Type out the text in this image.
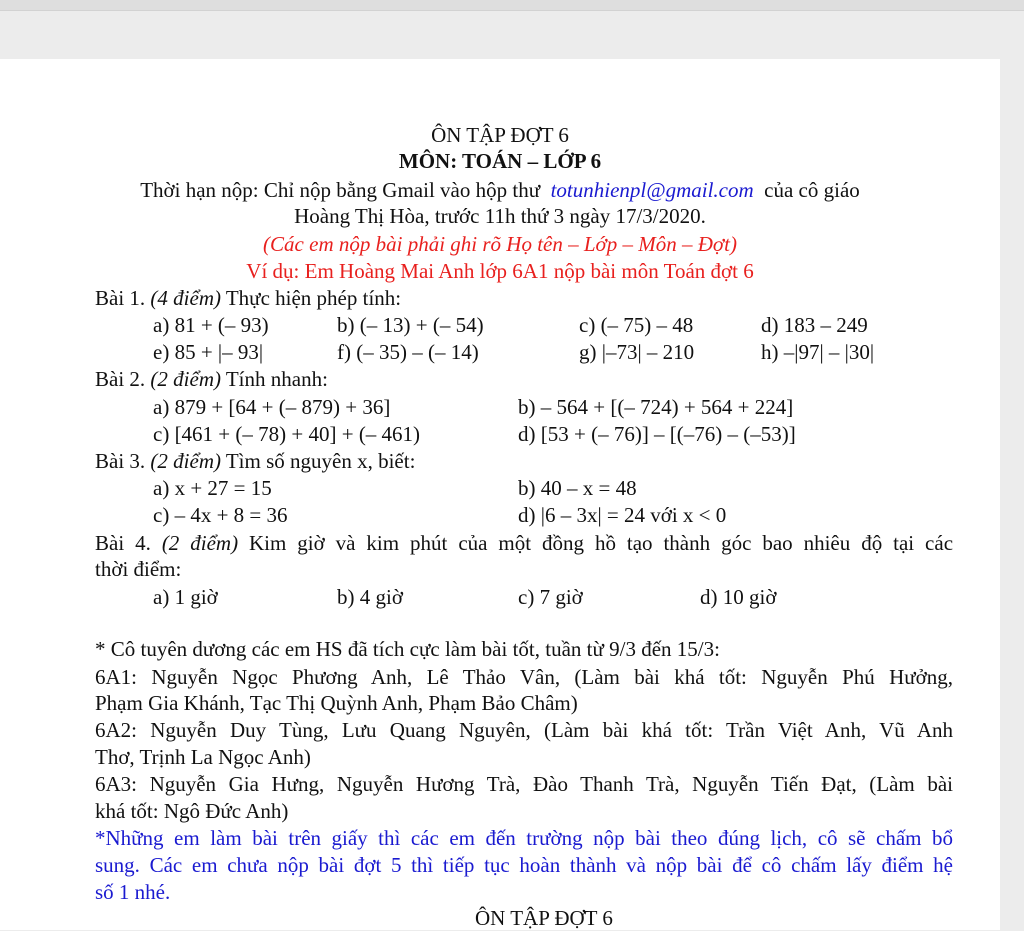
ÔN TẬP ĐỢT 6
MÔN: TOÁN – LỚP 6
Thời hạn nộp: Chỉ nộp bằng Gmail vào hộp thư totunhienpl@gmail.com của cô giáo
Hoàng Thị Hòa, trước 11h thứ 3 ngày 17/3/2020.
(Các em nộp bài phải ghi rõ Họ tên – Lớp – Môn – Đợt)
Ví dụ: Em Hoàng Mai Anh lớp 6A1 nộp bài môn Toán đợt 6
Bài 1. (4 điểm) Thực hiện phép tính:
a) 81 + (– 93)	b) (– 13) + (– 54)	c) (– 75) – 48	d) 183 – 249
e) 85 + |– 93|	f) (– 35) – (– 14)	g) |–73| – 210	h) –|97| – |30|
Bài 2. (2 điểm) Tính nhanh:
a) 879 + [64 + (– 879) + 36]	b) – 564 + [(– 724) + 564 + 224]
c) [461 + (– 78) + 40] + (– 461)	d) [53 + (– 76)] – [(–76) – (–53)]
Bài 3. (2 điểm) Tìm số nguyên x, biết:
a) x + 27 = 15	b) 40 – x = 48
c) – 4x + 8 = 36	d) |6 – 3x| = 24 với x < 0
Bài 4. (2 điểm) Kim giờ và kim phút của một đồng hồ tạo thành góc bao nhiêu độ tại các
thời điểm:
a) 1 giờ	b) 4 giờ	c) 7 giờ	d) 10 giờ
* Cô tuyên dương các em HS đã tích cực làm bài tốt, tuần từ 9/3 đến 15/3:
6A1: Nguyễn Ngọc Phương Anh, Lê Thảo Vân, (Làm bài khá tốt: Nguyễn Phú Hưởng,
Phạm Gia Khánh, Tạc Thị Quỳnh Anh, Phạm Bảo Châm)
6A2: Nguyễn Duy Tùng, Lưu Quang Nguyên, (Làm bài khá tốt: Trần Việt Anh, Vũ Anh
Thơ, Trịnh La Ngọc Anh)
6A3: Nguyễn Gia Hưng, Nguyễn Hương Trà, Đào Thanh Trà, Nguyễn Tiến Đạt, (Làm bài
khá tốt: Ngô Đức Anh)
*Những em làm bài trên giấy thì các em đến trường nộp bài theo đúng lịch, cô sẽ chấm bổ
sung. Các em chưa nộp bài đợt 5 thì tiếp tục hoàn thành và nộp bài để cô chấm lấy điểm hệ
số 1 nhé.
ÔN TẬP ĐỢT 6
